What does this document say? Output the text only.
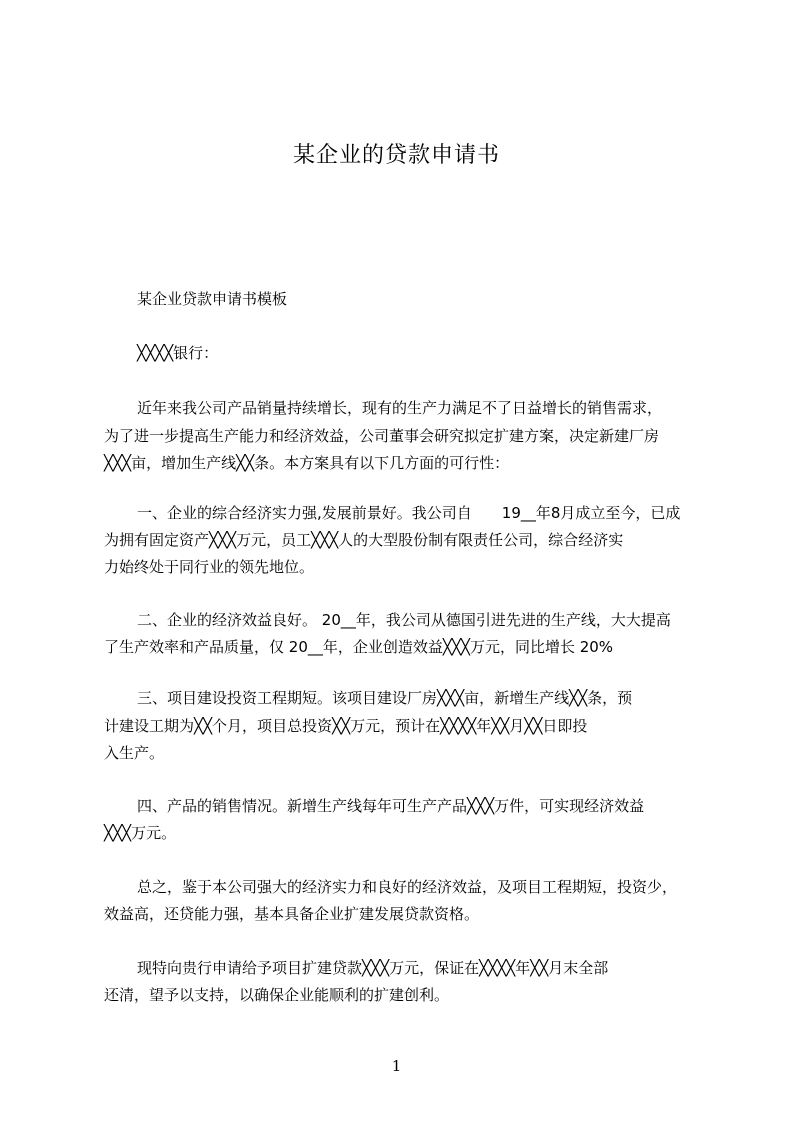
某企业的贷款申请书
某企业贷款申请书模板
╳╳╳╳银行：
近年来我公司产品销量持续增长，现有的生产力满足不了日益增长的销售需求，
为了进一步提高生产能力和经济效益，公司董事会研究拟定扩建方案，决定新建厂房
╳╳╳亩，增加生产线╳╳条。本方案具有以下几方面的可行性：
一、企业的综合经济实力强,发展前景好。我公司自　　19__年8月成立至今，已成
为拥有固定资产╳╳╳万元，员工╳╳╳人的大型股份制有限责任公司，综合经济实
力始终处于同行业的领先地位。
二、企业的经济效益良好。 20__年，我公司从德国引进先进的生产线，大大提高
了生产效率和产品质量，仅 20__年，企业创造效益╳╳╳万元，同比增长 20%
三、项目建设投资工程期短。该项目建设厂房╳╳╳亩，新增生产线╳╳条，预
计建设工期为╳╳个月，项目总投资╳╳万元，预计在╳╳╳╳年╳╳月╳╳日即投
入生产。
四、产品的销售情况。新增生产线每年可生产产品╳╳╳万件，可实现经济效益
╳╳╳万元。
总之，鉴于本公司强大的经济实力和良好的经济效益，及项目工程期短，投资少，
效益高，还贷能力强，基本具备企业扩建发展贷款资格。
现特向贵行申请给予项目扩建贷款╳╳╳万元，保证在╳╳╳╳年╳╳月末全部
还清，望予以支持，以确保企业能顺利的扩建创利。
1
